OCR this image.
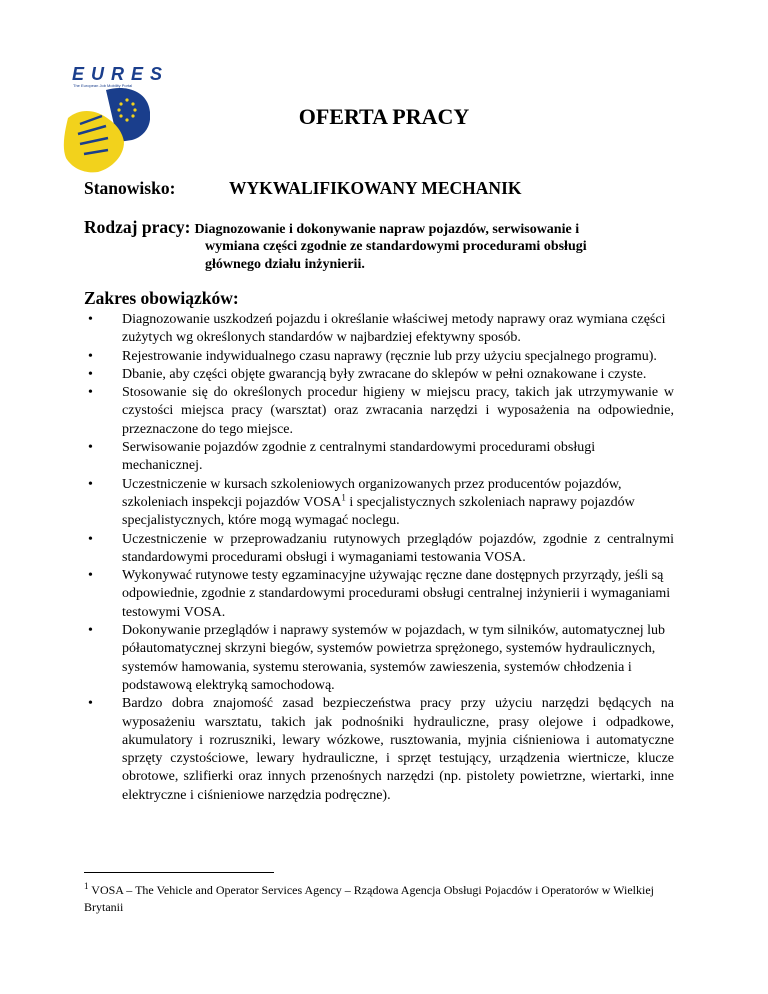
EURES
The European Job Mobility Portal
OFERTA PRACY
Stanowisko:	WYKWALIFIKOWANY MECHANIK
Rodzaj pracy: Diagnozowanie i dokonywanie napraw pojazdów, serwisowanie i
wymiana części zgodnie ze standardowymi procedurami obsługi
głównego działu inżynierii.
Zakres obowiązków:
• Diagnozowanie uszkodzeń pojazdu i określanie właściwej metody naprawy oraz wymiana części zużytych wg określonych standardów w najbardziej efektywny sposób.
• Rejestrowanie indywidualnego czasu naprawy (ręcznie lub przy użyciu specjalnego programu).
• Dbanie, aby części objęte gwarancją były zwracane do sklepów w pełni oznakowane i czyste.
• Stosowanie się do określonych procedur higieny w miejscu pracy, takich jak utrzymywanie w czystości miejsca pracy (warsztat) oraz zwracania narzędzi i wyposażenia na odpowiednie, przeznaczone do tego miejsce.
• Serwisowanie pojazdów zgodnie z centralnymi standardowymi procedurami obsługi mechanicznej.
• Uczestniczenie w kursach szkoleniowych organizowanych przez producentów pojazdów, szkoleniach inspekcji pojazdów VOSA$^1$ i specjalistycznych szkoleniach naprawy pojazdów specjalistycznych, które mogą wymagać noclegu.
• Uczestniczenie w przeprowadzaniu rutynowych przeglądów pojazdów, zgodnie z centralnymi standardowymi procedurami obsługi i wymaganiami testowania VOSA.
• Wykonywać rutynowe testy egzaminacyjne używając ręczne dane dostępnych przyrządy, jeśli są odpowiednie, zgodnie z standardowymi procedurami obsługi centralnej inżynierii i wymaganiami testowymi VOSA.
• Dokonywanie przeglądów i naprawy systemów w pojazdach, w tym silników, automatycznej lub półautomatycznej skrzyni biegów, systemów powietrza sprężonego, systemów hydraulicznych, systemów hamowania, systemu sterowania, systemów zawieszenia, systemów chłodzenia i podstawową elektryką samochodową.
• Bardzo dobra znajomość zasad bezpieczeństwa pracy przy użyciu narzędzi będących na wyposażeniu warsztatu, takich jak podnośniki hydrauliczne, prasy olejowe i odpadkowe, akumulatory i rozruszniki, lewary wózkowe, rusztowania, myjnia ciśnieniowa i automatyczne sprzęty czystościowe, lewary hydrauliczne, i sprzęt testujący, urządzenia wiertnicze, klucze obrotowe, szlifierki oraz innych przenośnych narzędzi (np. pistolety powietrzne, wiertarki, inne elektryczne i ciśnieniowe narzędzia podręczne).
$^1$ VOSA – The Vehicle and Operator Services Agency – Rządowa Agencja Obsługi Pojacdów i Operatorów w Wielkiej Brytanii
